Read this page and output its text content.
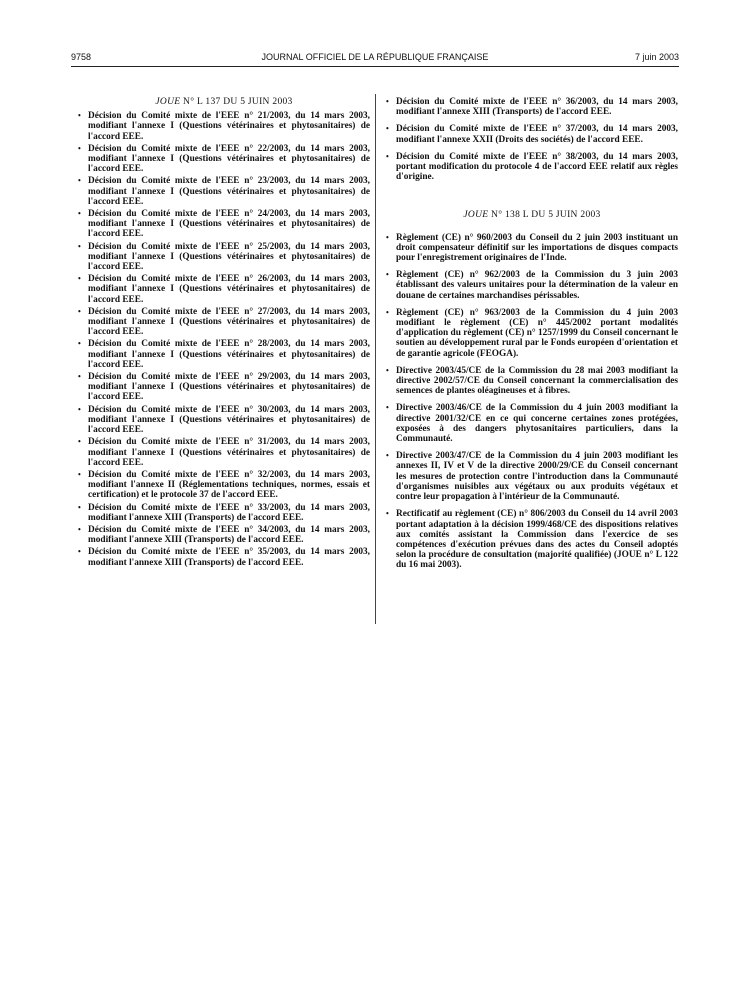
9758	JOURNAL OFFICIEL DE LA RÉPUBLIQUE FRANÇAISE	7 juin 2003
JOUE N° L 137 DU 5 JUIN 2003
• Décision du Comité mixte de l'EEE n° 21/2003, du 14 mars 2003, modifiant l'annexe I (Questions vétérinaires et phytosanitaires) de l'accord EEE.
• Décision du Comité mixte de l'EEE n° 22/2003, du 14 mars 2003, modifiant l'annexe I (Questions vétérinaires et phytosanitaires) de l'accord EEE.
• Décision du Comité mixte de l'EEE n° 23/2003, du 14 mars 2003, modifiant l'annexe I (Questions vétérinaires et phytosanitaires) de l'accord EEE.
• Décision du Comité mixte de l'EEE n° 24/2003, du 14 mars 2003, modifiant l'annexe I (Questions vétérinaires et phytosanitaires) de l'accord EEE.
• Décision du Comité mixte de l'EEE n° 25/2003, du 14 mars 2003, modifiant l'annexe I (Questions vétérinaires et phytosanitaires) de l'accord EEE.
• Décision du Comité mixte de l'EEE n° 26/2003, du 14 mars 2003, modifiant l'annexe I (Questions vétérinaires et phytosanitaires) de l'accord EEE.
• Décision du Comité mixte de l'EEE n° 27/2003, du 14 mars 2003, modifiant l'annexe I (Questions vétérinaires et phytosanitaires) de l'accord EEE.
• Décision du Comité mixte de l'EEE n° 28/2003, du 14 mars 2003, modifiant l'annexe I (Questions vétérinaires et phytosanitaires) de l'accord EEE.
• Décision du Comité mixte de l'EEE n° 29/2003, du 14 mars 2003, modifiant l'annexe I (Questions vétérinaires et phytosanitaires) de l'accord EEE.
• Décision du Comité mixte de l'EEE n° 30/2003, du 14 mars 2003, modifiant l'annexe I (Questions vétérinaires et phytosanitaires) de l'accord EEE.
• Décision du Comité mixte de l'EEE n° 31/2003, du 14 mars 2003, modifiant l'annexe I (Questions vétérinaires et phytosanitaires) de l'accord EEE.
• Décision du Comité mixte de l'EEE n° 32/2003, du 14 mars 2003, modifiant l'annexe II (Réglementations techniques, normes, essais et certification) et le protocole 37 de l'accord EEE.
• Décision du Comité mixte de l'EEE n° 33/2003, du 14 mars 2003, modifiant l'annexe XIII (Transports) de l'accord EEE.
• Décision du Comité mixte de l'EEE n° 34/2003, du 14 mars 2003, modifiant l'annexe XIII (Transports) de l'accord EEE.
• Décision du Comité mixte de l'EEE n° 35/2003, du 14 mars 2003, modifiant l'annexe XIII (Transports) de l'accord EEE.
• Décision du Comité mixte de l'EEE n° 36/2003, du 14 mars 2003, modifiant l'annexe XIII (Transports) de l'accord EEE.
• Décision du Comité mixte de l'EEE n° 37/2003, du 14 mars 2003, modifiant l'annexe XXII (Droits des sociétés) de l'accord EEE.
• Décision du Comité mixte de l'EEE n° 38/2003, du 14 mars 2003, portant modification du protocole 4 de l'accord EEE relatif aux règles d'origine.
JOUE N° 138 L DU 5 JUIN 2003
• Règlement (CE) n° 960/2003 du Conseil du 2 juin 2003 instituant un droit compensateur définitif sur les importations de disques compacts pour l'enregistrement originaires de l'Inde.
• Règlement (CE) n° 962/2003 de la Commission du 3 juin 2003 établissant des valeurs unitaires pour la détermination de la valeur en douane de certaines marchandises périssables.
• Règlement (CE) n° 963/2003 de la Commission du 4 juin 2003 modifiant le règlement (CE) n° 445/2002 portant modalités d'application du règlement (CE) n° 1257/1999 du Conseil concernant le soutien au développement rural par le Fonds européen d'orientation et de garantie agricole (FEOGA).
• Directive 2003/45/CE de la Commission du 28 mai 2003 modifiant la directive 2002/57/CE du Conseil concernant la commercialisation des semences de plantes oléagineuses et à fibres.
• Directive 2003/46/CE de la Commission du 4 juin 2003 modifiant la directive 2001/32/CE en ce qui concerne certaines zones protégées, exposées à des dangers phytosanitaires particuliers, dans la Communauté.
• Directive 2003/47/CE de la Commission du 4 juin 2003 modifiant les annexes II, IV et V de la directive 2000/29/CE du Conseil concernant les mesures de protection contre l'introduction dans la Communauté d'organismes nuisibles aux végétaux ou aux produits végétaux et contre leur propagation à l'intérieur de la Communauté.
• Rectificatif au règlement (CE) n° 806/2003 du Conseil du 14 avril 2003 portant adaptation à la décision 1999/468/CE des dispositions relatives aux comités assistant la Commission dans l'exercice de ses compétences d'exécution prévues dans des actes du Conseil adoptés selon la procédure de consultation (majorité qualifiée) (JOUE n° L 122 du 16 mai 2003).
